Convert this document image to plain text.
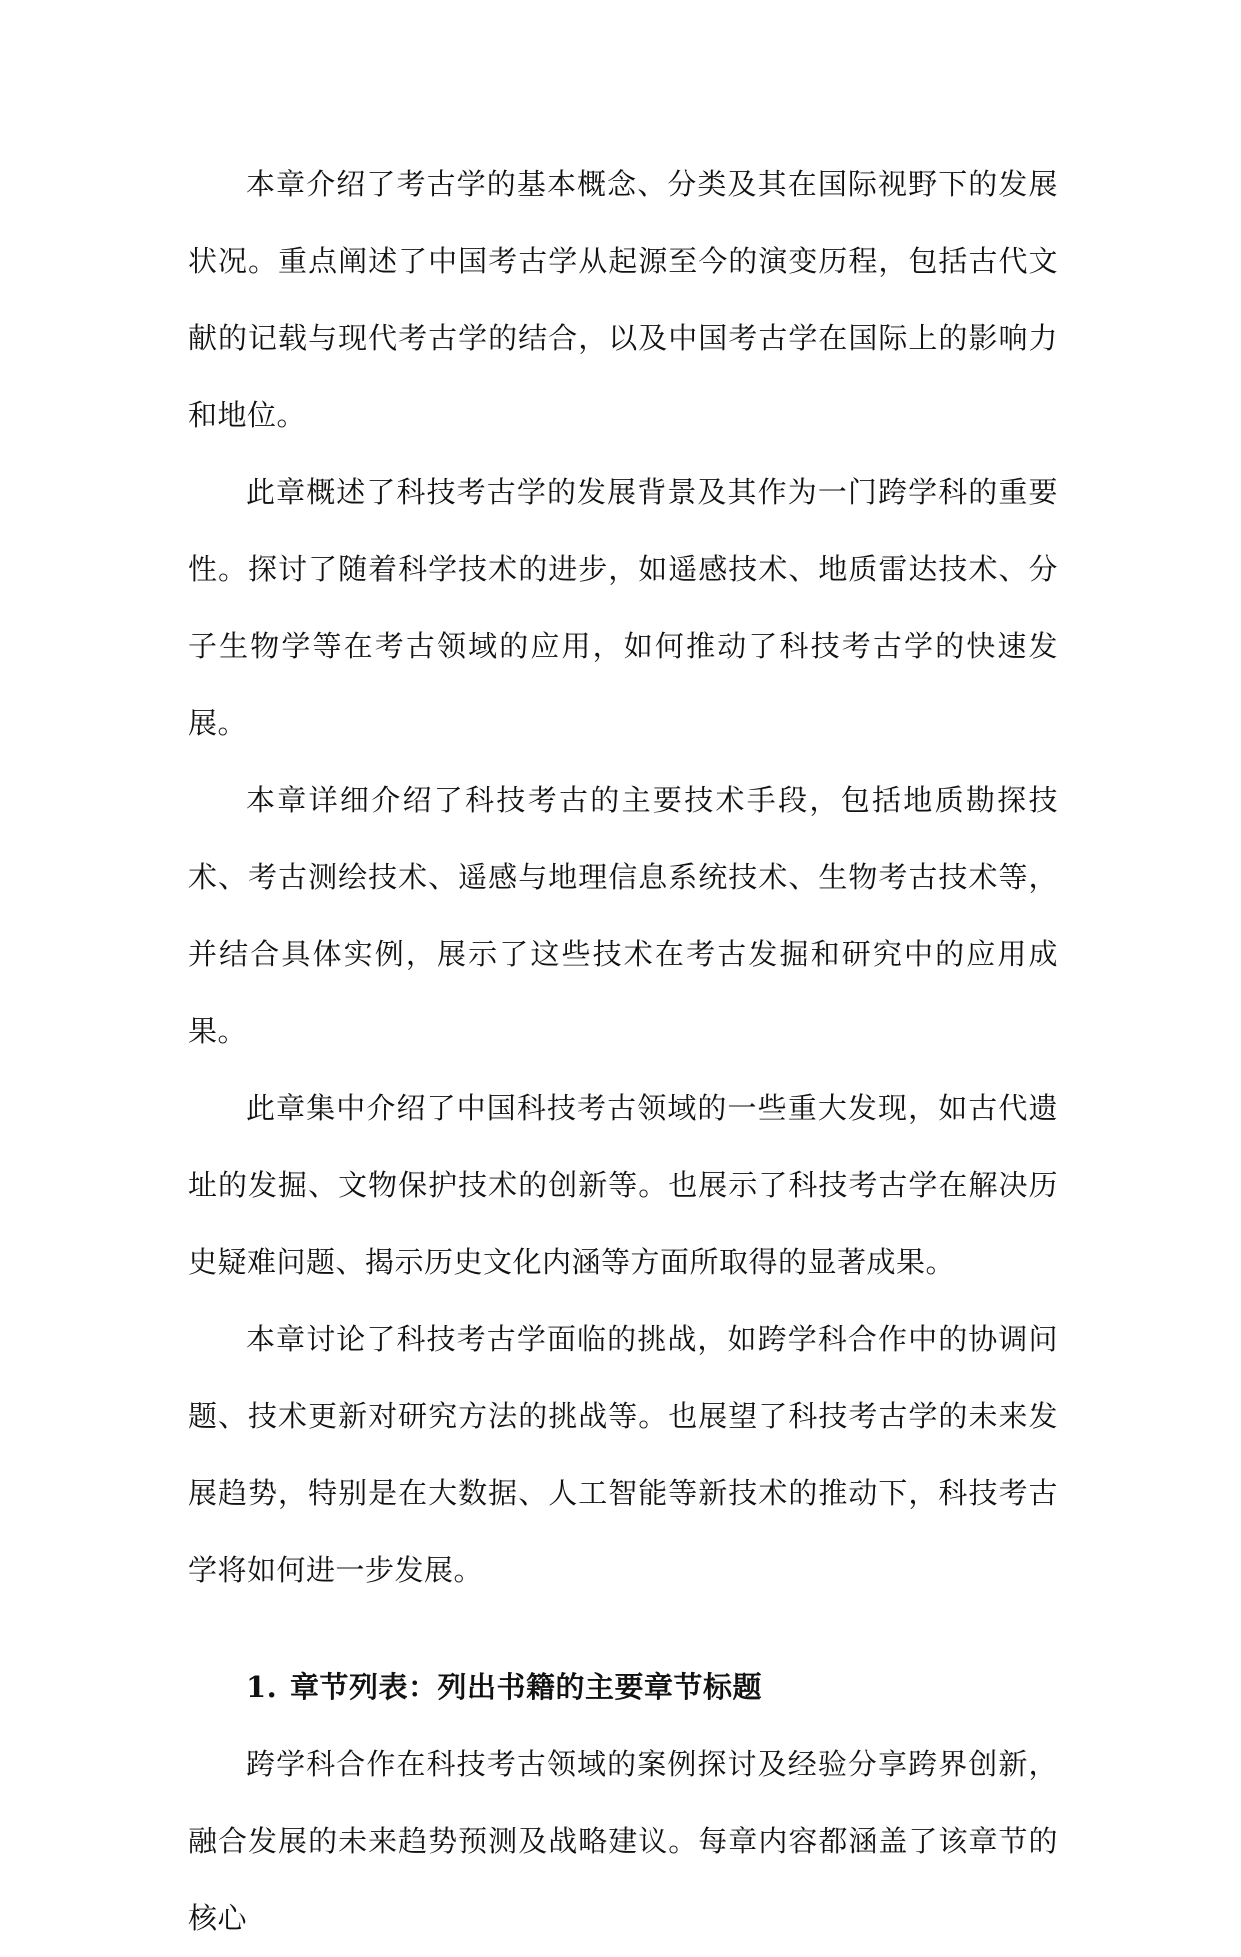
本章介绍了考古学的基本概念、分类及其在国际视野下的发展状况。重点阐述了中国考古学从起源至今的演变历程，包括古代文献的记载与现代考古学的结合，以及中国考古学在国际上的影响力和地位。

此章概述了科技考古学的发展背景及其作为一门跨学科的重要性。探讨了随着科学技术的进步，如遥感技术、地质雷达技术、分子生物学等在考古领域的应用，如何推动了科技考古学的快速发展。

本章详细介绍了科技考古的主要技术手段，包括地质勘探技术、考古测绘技术、遥感与地理信息系统技术、生物考古技术等，并结合具体实例，展示了这些技术在考古发掘和研究中的应用成果。

此章集中介绍了中国科技考古领域的一些重大发现，如古代遗址的发掘、文物保护技术的创新等。也展示了科技考古学在解决历史疑难问题、揭示历史文化内涵等方面所取得的显著成果。

本章讨论了科技考古学面临的挑战，如跨学科合作中的协调问题、技术更新对研究方法的挑战等。也展望了科技考古学的未来发展趋势，特别是在大数据、人工智能等新技术的推动下，科技考古学将如何进一步发展。

1. 章节列表：列出书籍的主要章节标题

跨学科合作在科技考古领域的案例探讨及经验分享跨界创新，融合发展的未来趋势预测及战略建议。每章内容都涵盖了该章节的核心
